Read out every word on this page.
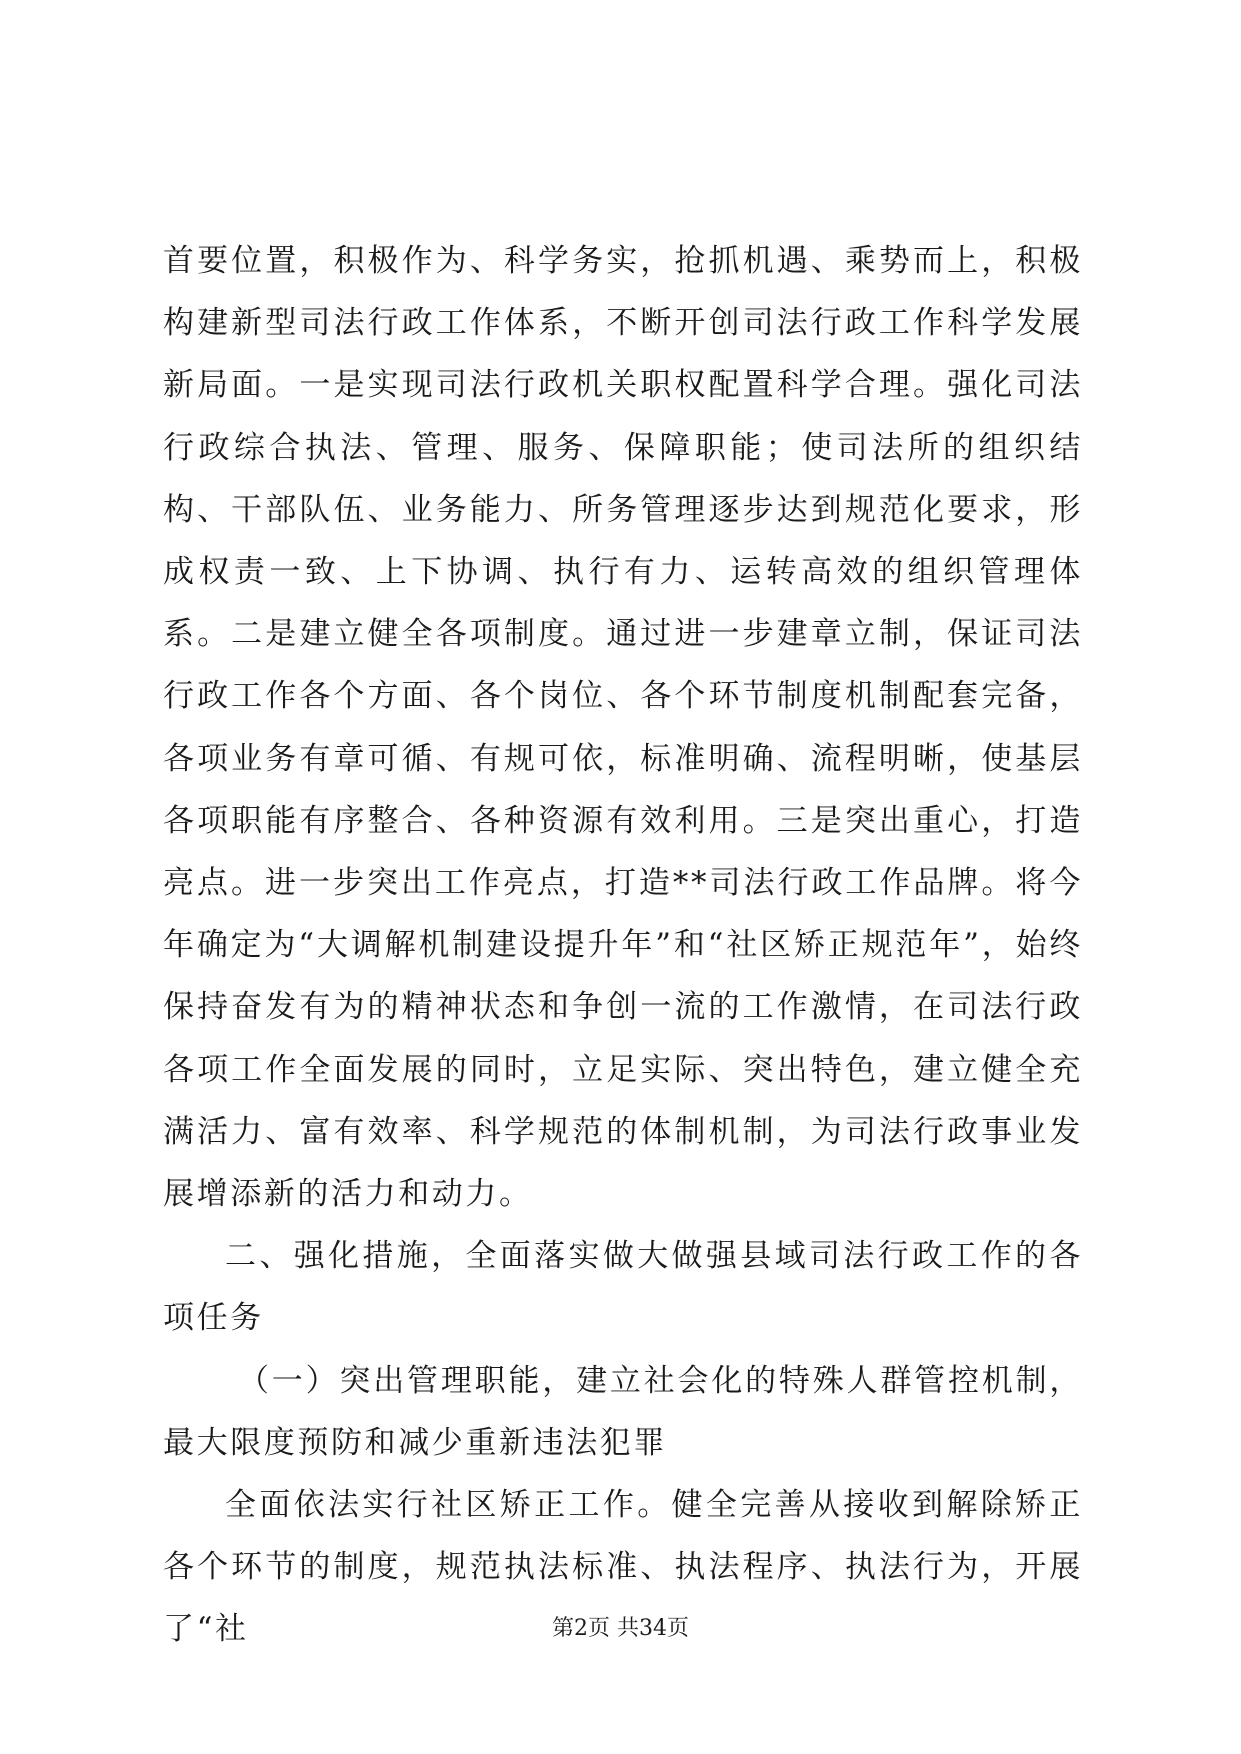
首要位置，积极作为、科学务实，抢抓机遇、乘势而上，积极构建新型司法行政工作体系，不断开创司法行政工作科学发展新局面。一是实现司法行政机关职权配置科学合理。强化司法行政综合执法、管理、服务、保障职能；使司法所的组织结构、干部队伍、业务能力、所务管理逐步达到规范化要求，形成权责一致、上下协调、执行有力、运转高效的组织管理体系。二是建立健全各项制度。通过进一步建章立制，保证司法行政工作各个方面、各个岗位、各个环节制度机制配套完备，各项业务有章可循、有规可依，标准明确、流程明晰，使基层各项职能有序整合、各种资源有效利用。三是突出重心，打造亮点。进一步突出工作亮点，打造**司法行政工作品牌。将今年确定为“大调解机制建设提升年”和“社区矫正规范年”，始终保持奋发有为的精神状态和争创一流的工作激情，在司法行政各项工作全面发展的同时，立足实际、突出特色，建立健全充满活力、富有效率、科学规范的体制机制，为司法行政事业发展增添新的活力和动力。

二、强化措施，全面落实做大做强县域司法行政工作的各项任务

（一）突出管理职能，建立社会化的特殊人群管控机制，最大限度预防和减少重新违法犯罪

全面依法实行社区矫正工作。健全完善从接收到解除矫正各个环节的制度，规范执法标准、执法程序、执法行为，开展了“社	第2页 共34页
